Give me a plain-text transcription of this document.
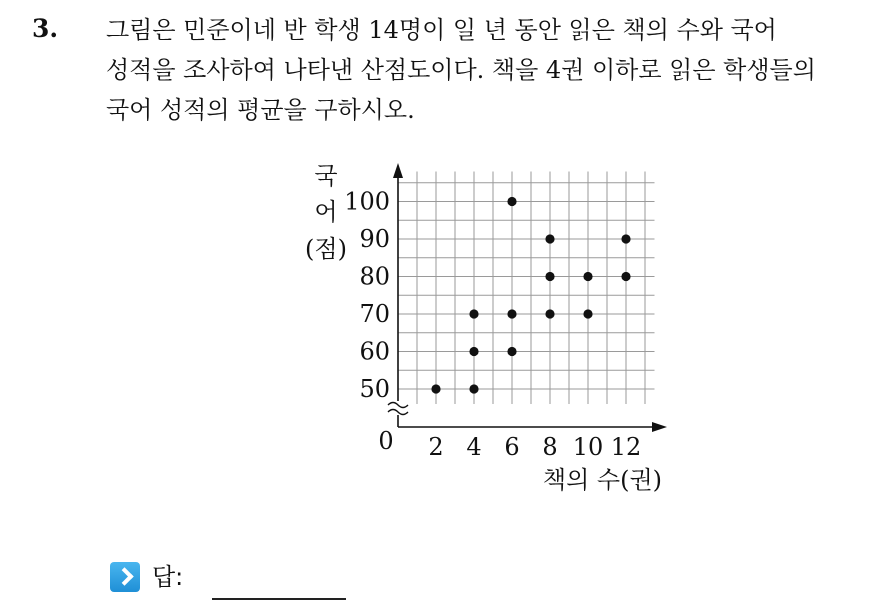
3. 그림은 민준이네 반 학생 14명이 일 년 동안 읽은 책의 수와 국어
성적을 조사하여 나타낸 산점도이다. 책을 4권 이하로 읽은 학생들의
국어 성적의 평균을 구하시오.
50
60
70
80
90
100
2 4 6 8 10 12
0
국
어
(점)
책의 수(권)
답:
